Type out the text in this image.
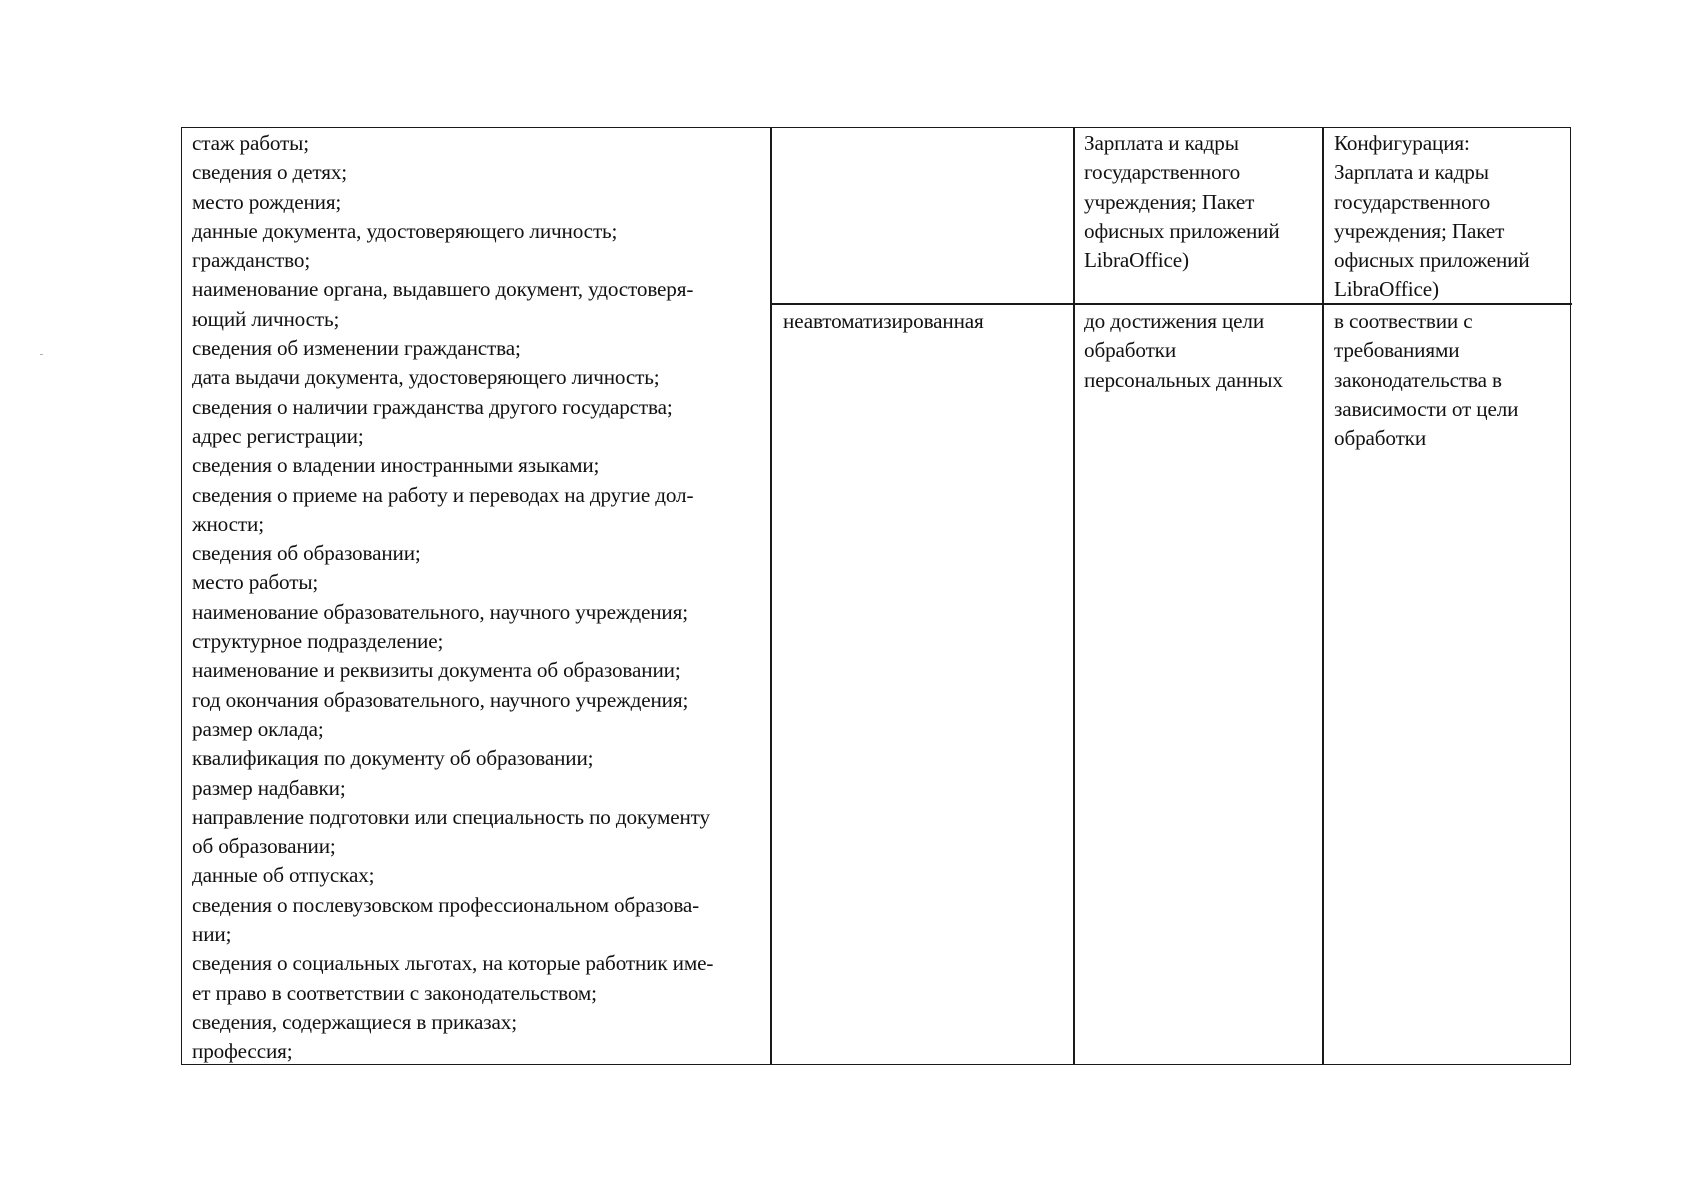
стаж работы;
сведения о детях;
место рождения;
данные документа, удостоверяющего личность;
гражданство;
наименование органа, выдавшего документ, удостоверя-
ющий личность;
сведения об изменении гражданства;
дата выдачи документа, удостоверяющего личность;
сведения о наличии гражданства другого государства;
адрес регистрации;
сведения о владении иностранными языками;
сведения о приеме на работу и переводах на другие дол-
жности;
сведения об образовании;
место работы;
наименование образовательного, научного учреждения;
структурное подразделение;
наименование и реквизиты документа об образовании;
год окончания образовательного, научного учреждения;
размер оклада;
квалификация по документу об образовании;
размер надбавки;
направление подготовки или специальность по документу
об образовании;
данные об отпусках;
сведения о послевузовском профессиональном образова-
нии;
сведения о социальных льготах, на которые работник име-
ет право в соответствии с законодательством;
сведения, содержащиеся в приказах;
профессия;
неавтоматизированная
Зарплата и кадры
государственного
учреждения; Пакет
офисных приложений
LibraOffice)
Конфигурация:
Зарплата и кадры
государственного
учреждения; Пакет
офисных приложений
LibraOffice)
до достижения цели
обработки
персональных данных
в соотвествии с
требованиями
законодательства в
зависимости от цели
обработки
